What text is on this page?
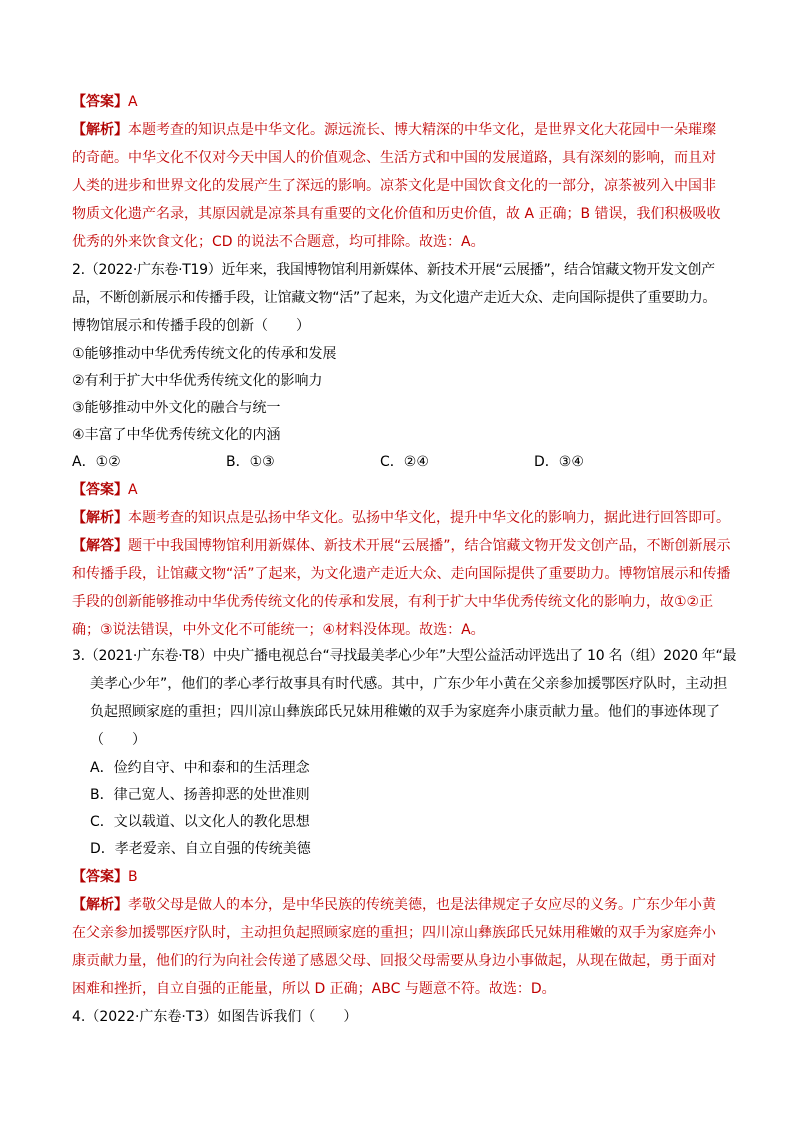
【答案】A
【解析】本题考查的知识点是中华文化。源远流长、博大精深的中华文化，是世界文化大花园中一朵璀璨
的奇葩。中华文化不仅对今天中国人的价值观念、生活方式和中国的发展道路，具有深刻的影响，而且对
人类的进步和世界文化的发展产生了深远的影响。凉茶文化是中国饮食文化的一部分，凉茶被列入中国非
物质文化遗产名录，其原因就是凉茶具有重要的文化价值和历史价值，故 A 正确；B 错误，我们积极吸收
优秀的外来饮食文化；CD 的说法不合题意，均可排除。故选：A。
2.（2022·广东卷·T19）近年来，我国博物馆利用新媒体、新技术开展“云展播”，结合馆藏文物开发文创产
品，不断创新展示和传播手段，让馆藏文物“活”了起来，为文化遗产走近大众、走向国际提供了重要助力。
博物馆展示和传播手段的创新（　　）
①能够推动中华优秀传统文化的传承和发展
②有利于扩大中华优秀传统文化的影响力
③能够推动中外文化的融合与统一
④丰富了中华优秀传统文化的内涵
A．①②	B．①③	C．②④	D．③④
【答案】A
【解析】本题考查的知识点是弘扬中华文化。弘扬中华文化，提升中华文化的影响力，据此进行回答即可。
【解答】题干中我国博物馆利用新媒体、新技术开展“云展播”，结合馆藏文物开发文创产品，不断创新展示
和传播手段，让馆藏文物“活”了起来，为文化遗产走近大众、走向国际提供了重要助力。博物馆展示和传播
手段的创新能够推动中华优秀传统文化的传承和发展，有利于扩大中华优秀传统文化的影响力，故①②正
确；③说法错误，中外文化不可能统一；④材料没体现。故选：A。
3.（2021·广东卷·T8）中央广播电视总台“寻找最美孝心少年”大型公益活动评选出了 10 名（组）2020 年“最
美孝心少年”，他们的孝心孝行故事具有时代感。其中，广东少年小黄在父亲参加援鄂医疗队时，主动担
负起照顾家庭的重担；四川凉山彝族邱氏兄妹用稚嫩的双手为家庭奔小康贡献力量。他们的事迹体现了
（　　）
A．俭约自守、中和泰和的生活理念
B．律己宽人、扬善抑恶的处世准则
C．文以载道、以文化人的教化思想
D．孝老爱亲、自立自强的传统美德
【答案】B
【解析】孝敬父母是做人的本分，是中华民族的传统美德，也是法律规定子女应尽的义务。广东少年小黄
在父亲参加援鄂医疗队时，主动担负起照顾家庭的重担；四川凉山彝族邱氏兄妹用稚嫩的双手为家庭奔小
康贡献力量，他们的行为向社会传递了感恩父母、回报父母需要从身边小事做起，从现在做起，勇于面对
困难和挫折，自立自强的正能量，所以 D 正确；ABC 与题意不符。故选：D。
4.（2022·广东卷·T3）如图告诉我们（　　）
